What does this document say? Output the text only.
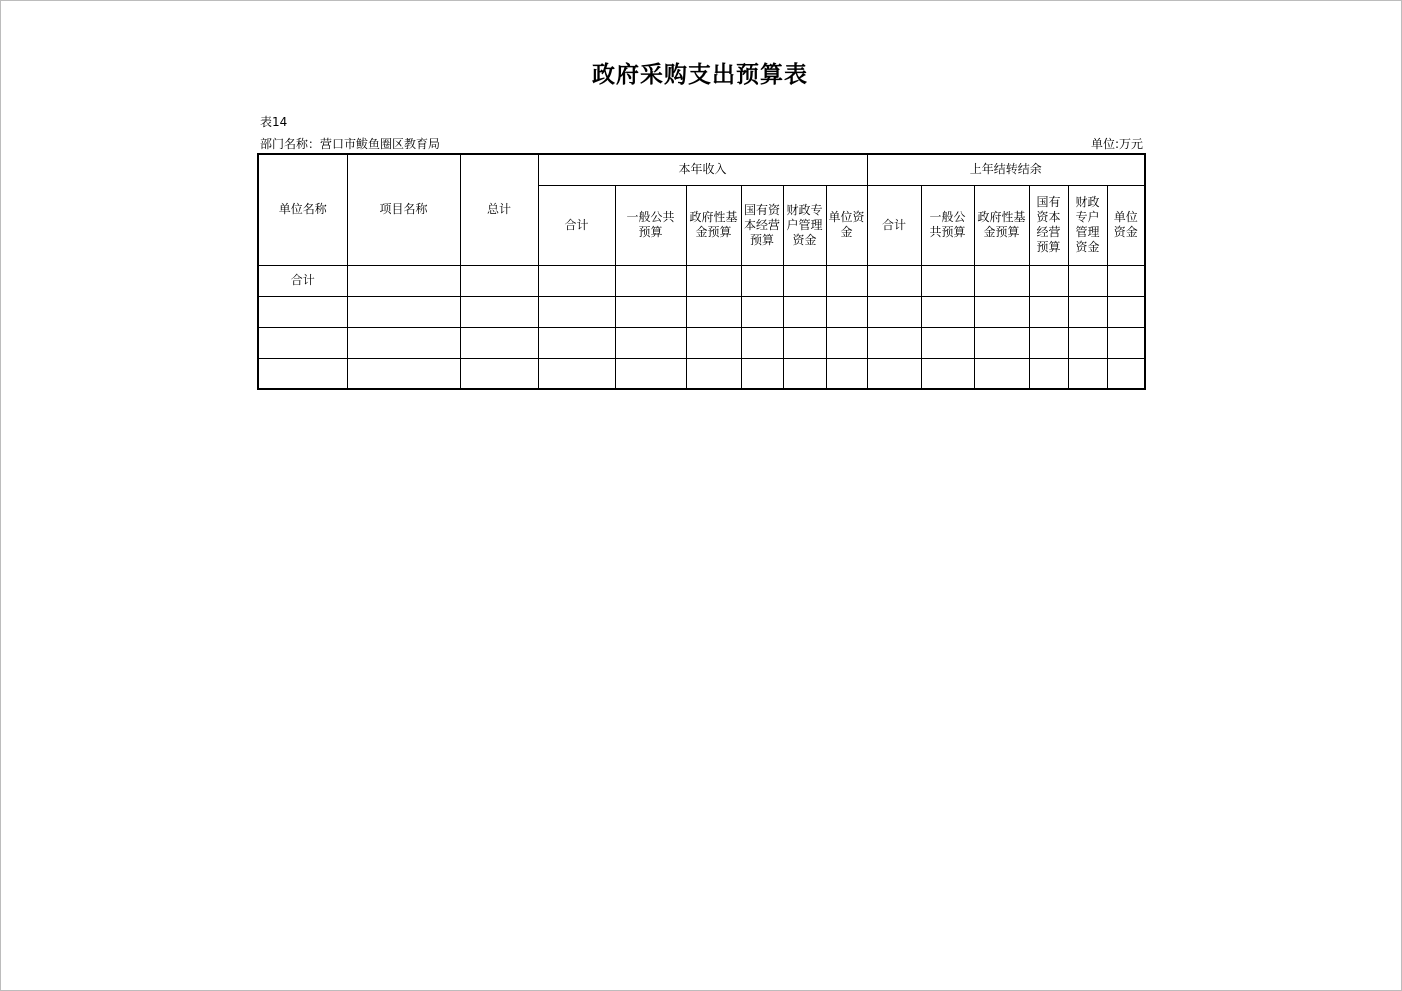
政府采购支出预算表
表14
部门名称：营口市鲅鱼圈区教育局	单位:万元
单位名称	项目名称	总计	本年收入						上年结转结余					
			合计	一般公共预算	政府性基金预算	国有资本经营预算	财政专户管理资金	单位资金	合计	一般公共预算	政府性基金预算	国有资本经营预算	财政专户管理资金	单位资金

合计														
